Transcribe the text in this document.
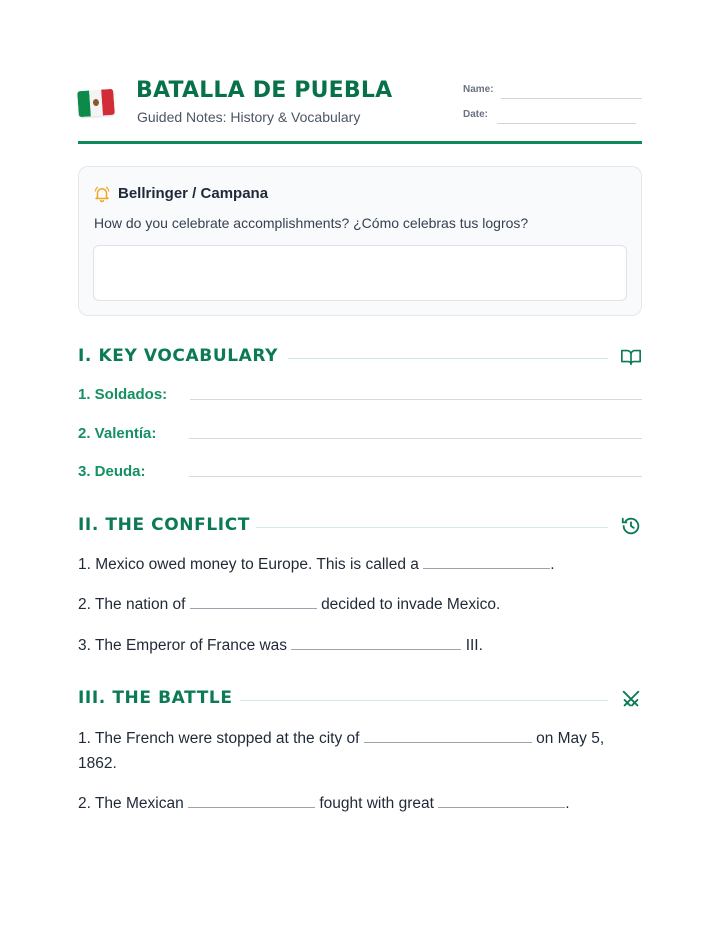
BATALLA DE PUEBLA
Guided Notes: History & Vocabulary
Name:
Date:
Bellringer / Campana
How do you celebrate accomplishments? ¿Cómo celebras tus logros?
I. KEY VOCABULARY
1. Soldados:
2. Valentía:
3. Deuda:
II. THE CONFLICT
1. Mexico owed money to Europe. This is called a	.
2. The nation of	decided to invade Mexico.
3. The Emperor of France was	III.
III. THE BATTLE
1. The French were stopped at the city of	on May 5, 1862.
2. The Mexican	fought with great	.
